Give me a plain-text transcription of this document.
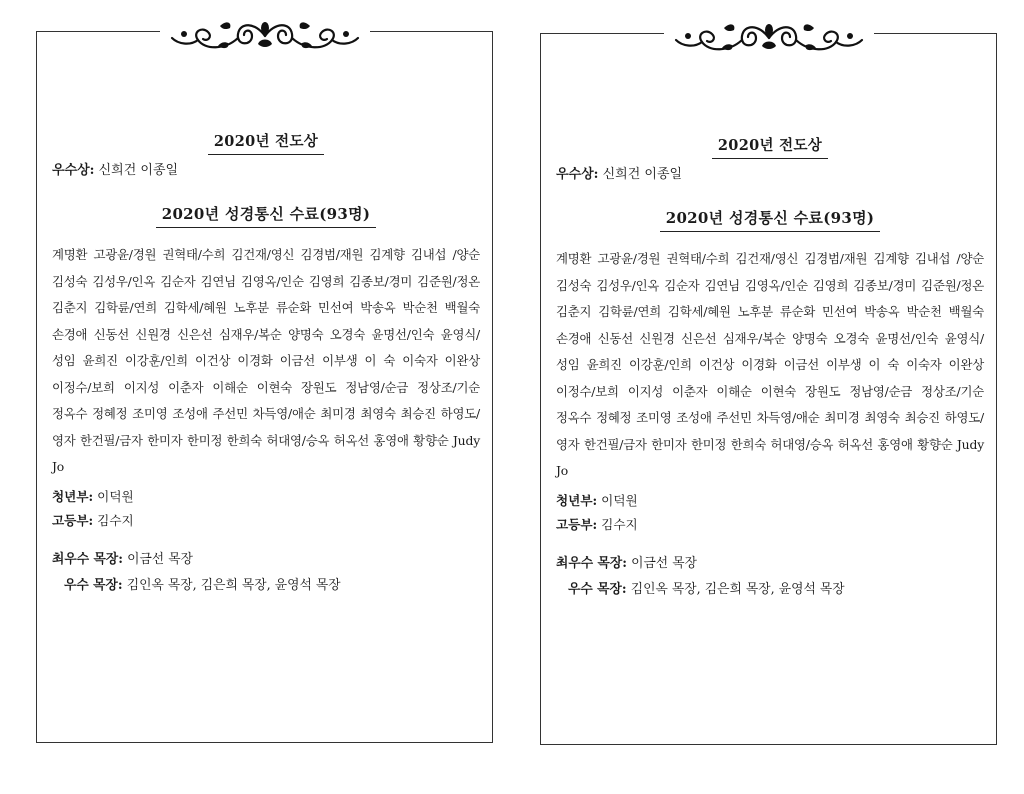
2020년 전도상

우수상: 신희건 이종일

2020년 성경통신 수료(93명)

계명환 고광윤/경원 권혁태/수희 김건재/영신 김경범/재원 김계향 김내섭 /양순 김성숙 김성우/인옥 김순자 김연님 김영옥/인순 김영희 김종보/경미 김준원/정온 김춘지 김학륜/연희 김학세/혜원 노후분 류순화 민선여 박송옥 박순천 백월숙 손경애 신동선 신원경 신은선 심재우/복순 양명숙 오경숙 윤명선/인숙 윤영식/성임 윤희진 이강훈/인희 이건상 이경화 이금선 이부생 이 숙 이숙자 이완상 이정수/보희 이지성 이춘자 이해순 이현숙 장원도 정남영/순금 정상조/기순 정옥수 정혜정 조미영 조성애 주선민 차득영/애순 최미경 최영숙 최승진 하영도/영자 한건필/금자 한미자 한미정 한희숙 허대영/승옥 허옥선 홍영애 황향순 Judy Jo

청년부: 이덕원

고등부: 김수지

최우수 목장: 이금선 목장

우수 목장: 김인옥 목장, 김은희 목장, 윤영석 목장

2020년 전도상

우수상: 신희건 이종일

2020년 성경통신 수료(93명)

계명환 고광윤/경원 권혁태/수희 김건재/영신 김경범/재원 김계향 김내섭 /양순 김성숙 김성우/인옥 김순자 김연님 김영옥/인순 김영희 김종보/경미 김준원/정온 김춘지 김학륜/연희 김학세/혜원 노후분 류순화 민선여 박송옥 박순천 백월숙 손경애 신동선 신원경 신은선 심재우/복순 양명숙 오경숙 윤명선/인숙 윤영식/성임 윤희진 이강훈/인희 이건상 이경화 이금선 이부생 이 숙 이숙자 이완상 이정수/보희 이지성 이춘자 이해순 이현숙 장원도 정남영/순금 정상조/기순 정옥수 정혜정 조미영 조성애 주선민 차득영/애순 최미경 최영숙 최승진 하영도/영자 한건필/금자 한미자 한미정 한희숙 허대영/승옥 허옥선 홍영애 황향순 Judy Jo

청년부: 이덕원

고등부: 김수지

최우수 목장: 이금선 목장

우수 목장: 김인옥 목장, 김은희 목장, 윤영석 목장
